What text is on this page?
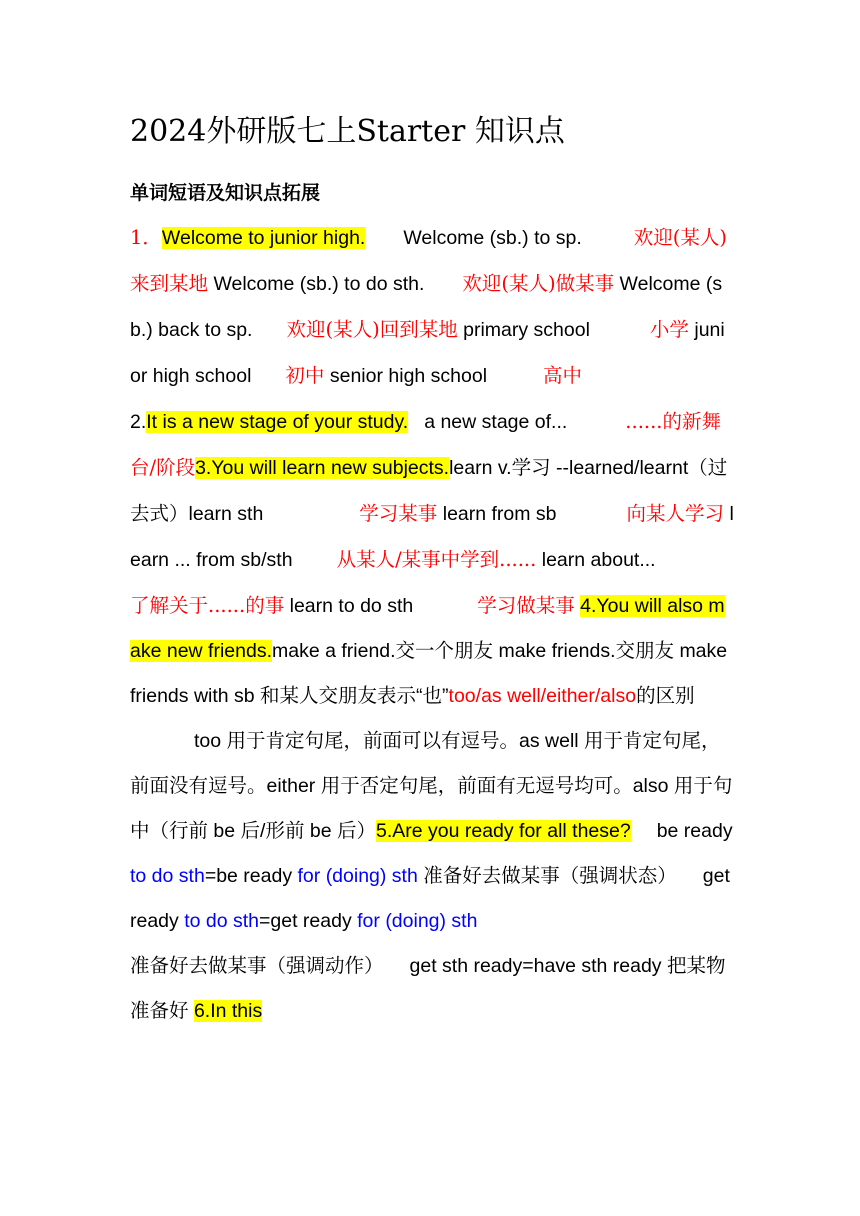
2024外研版七上Starter 知识点
单词短语及知识点拓展

1．Welcome to junior high. Welcome (sb.) to sp.	欢迎(某人)来到某地 Welcome (sb.) to do sth. 欢迎(某人)做某事 Welcome (sb.) back to sp. 欢迎(某人)回到某地 primary school	小学 junior high school 初中 senior high school	高中
2.It is a new stage of your study. a new stage of...	......的新舞台/阶段3.You will learn new subjects.learn v.学习 --learned/learnt（过去式）learn sth	学习某事 learn from sb	向某人学习 learn ... from sb/sth 从某人/某事中学到...... learn about...了解关于......的事 learn to do sth	学习做某事 4.You will also make new friends.make a friend.交一个朋友 make friends.交朋友 make friends with sb 和某人交朋友表示“也”too/as well/either/also的区别too 用于肯定句尾，前面可以有逗号。as well 用于肯定句尾，前面没有逗号。either 用于否定句尾，前面有无逗号均可。also 用于句中（行前 be 后/形前 be 后）5.Are you ready for all these? be ready to do sth=be ready for (doing) sth 准备好去做某事（强调状态） get ready to do sth=get ready for (doing) sth 准备好去做某事（强调动作） get sth ready=have sth ready 把某物准备好 6.In this
